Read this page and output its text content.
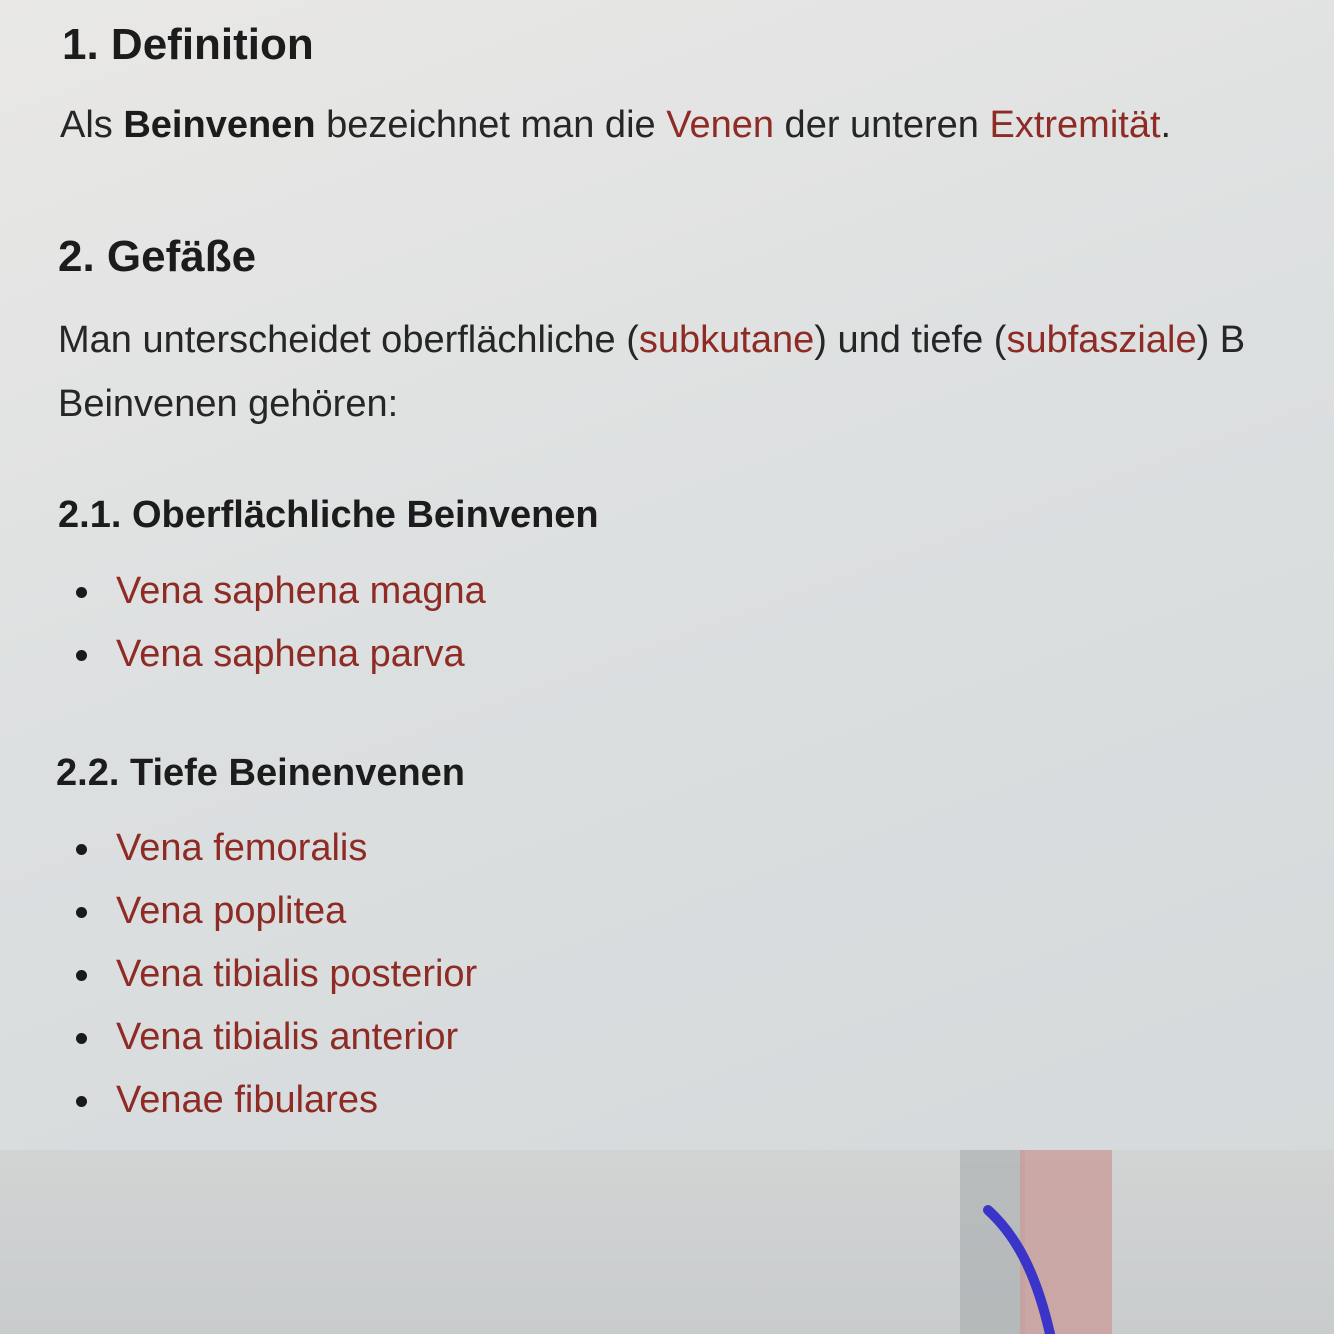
1. Definition

Als Beinvenen bezeichnet man die Venen der unteren Extremität.

2. Gefäße

Man unterscheidet oberflächliche (subkutane) und tiefe (subfasziale) B
Beinvenen gehören:

2.1. Oberflächliche Beinvenen
Vena saphena magna
Vena saphena parva
2.2. Tiefe Beinenvenen
Vena femoralis
Vena poplitea
Vena tibialis posterior
Vena tibialis anterior
Venae fibulares
